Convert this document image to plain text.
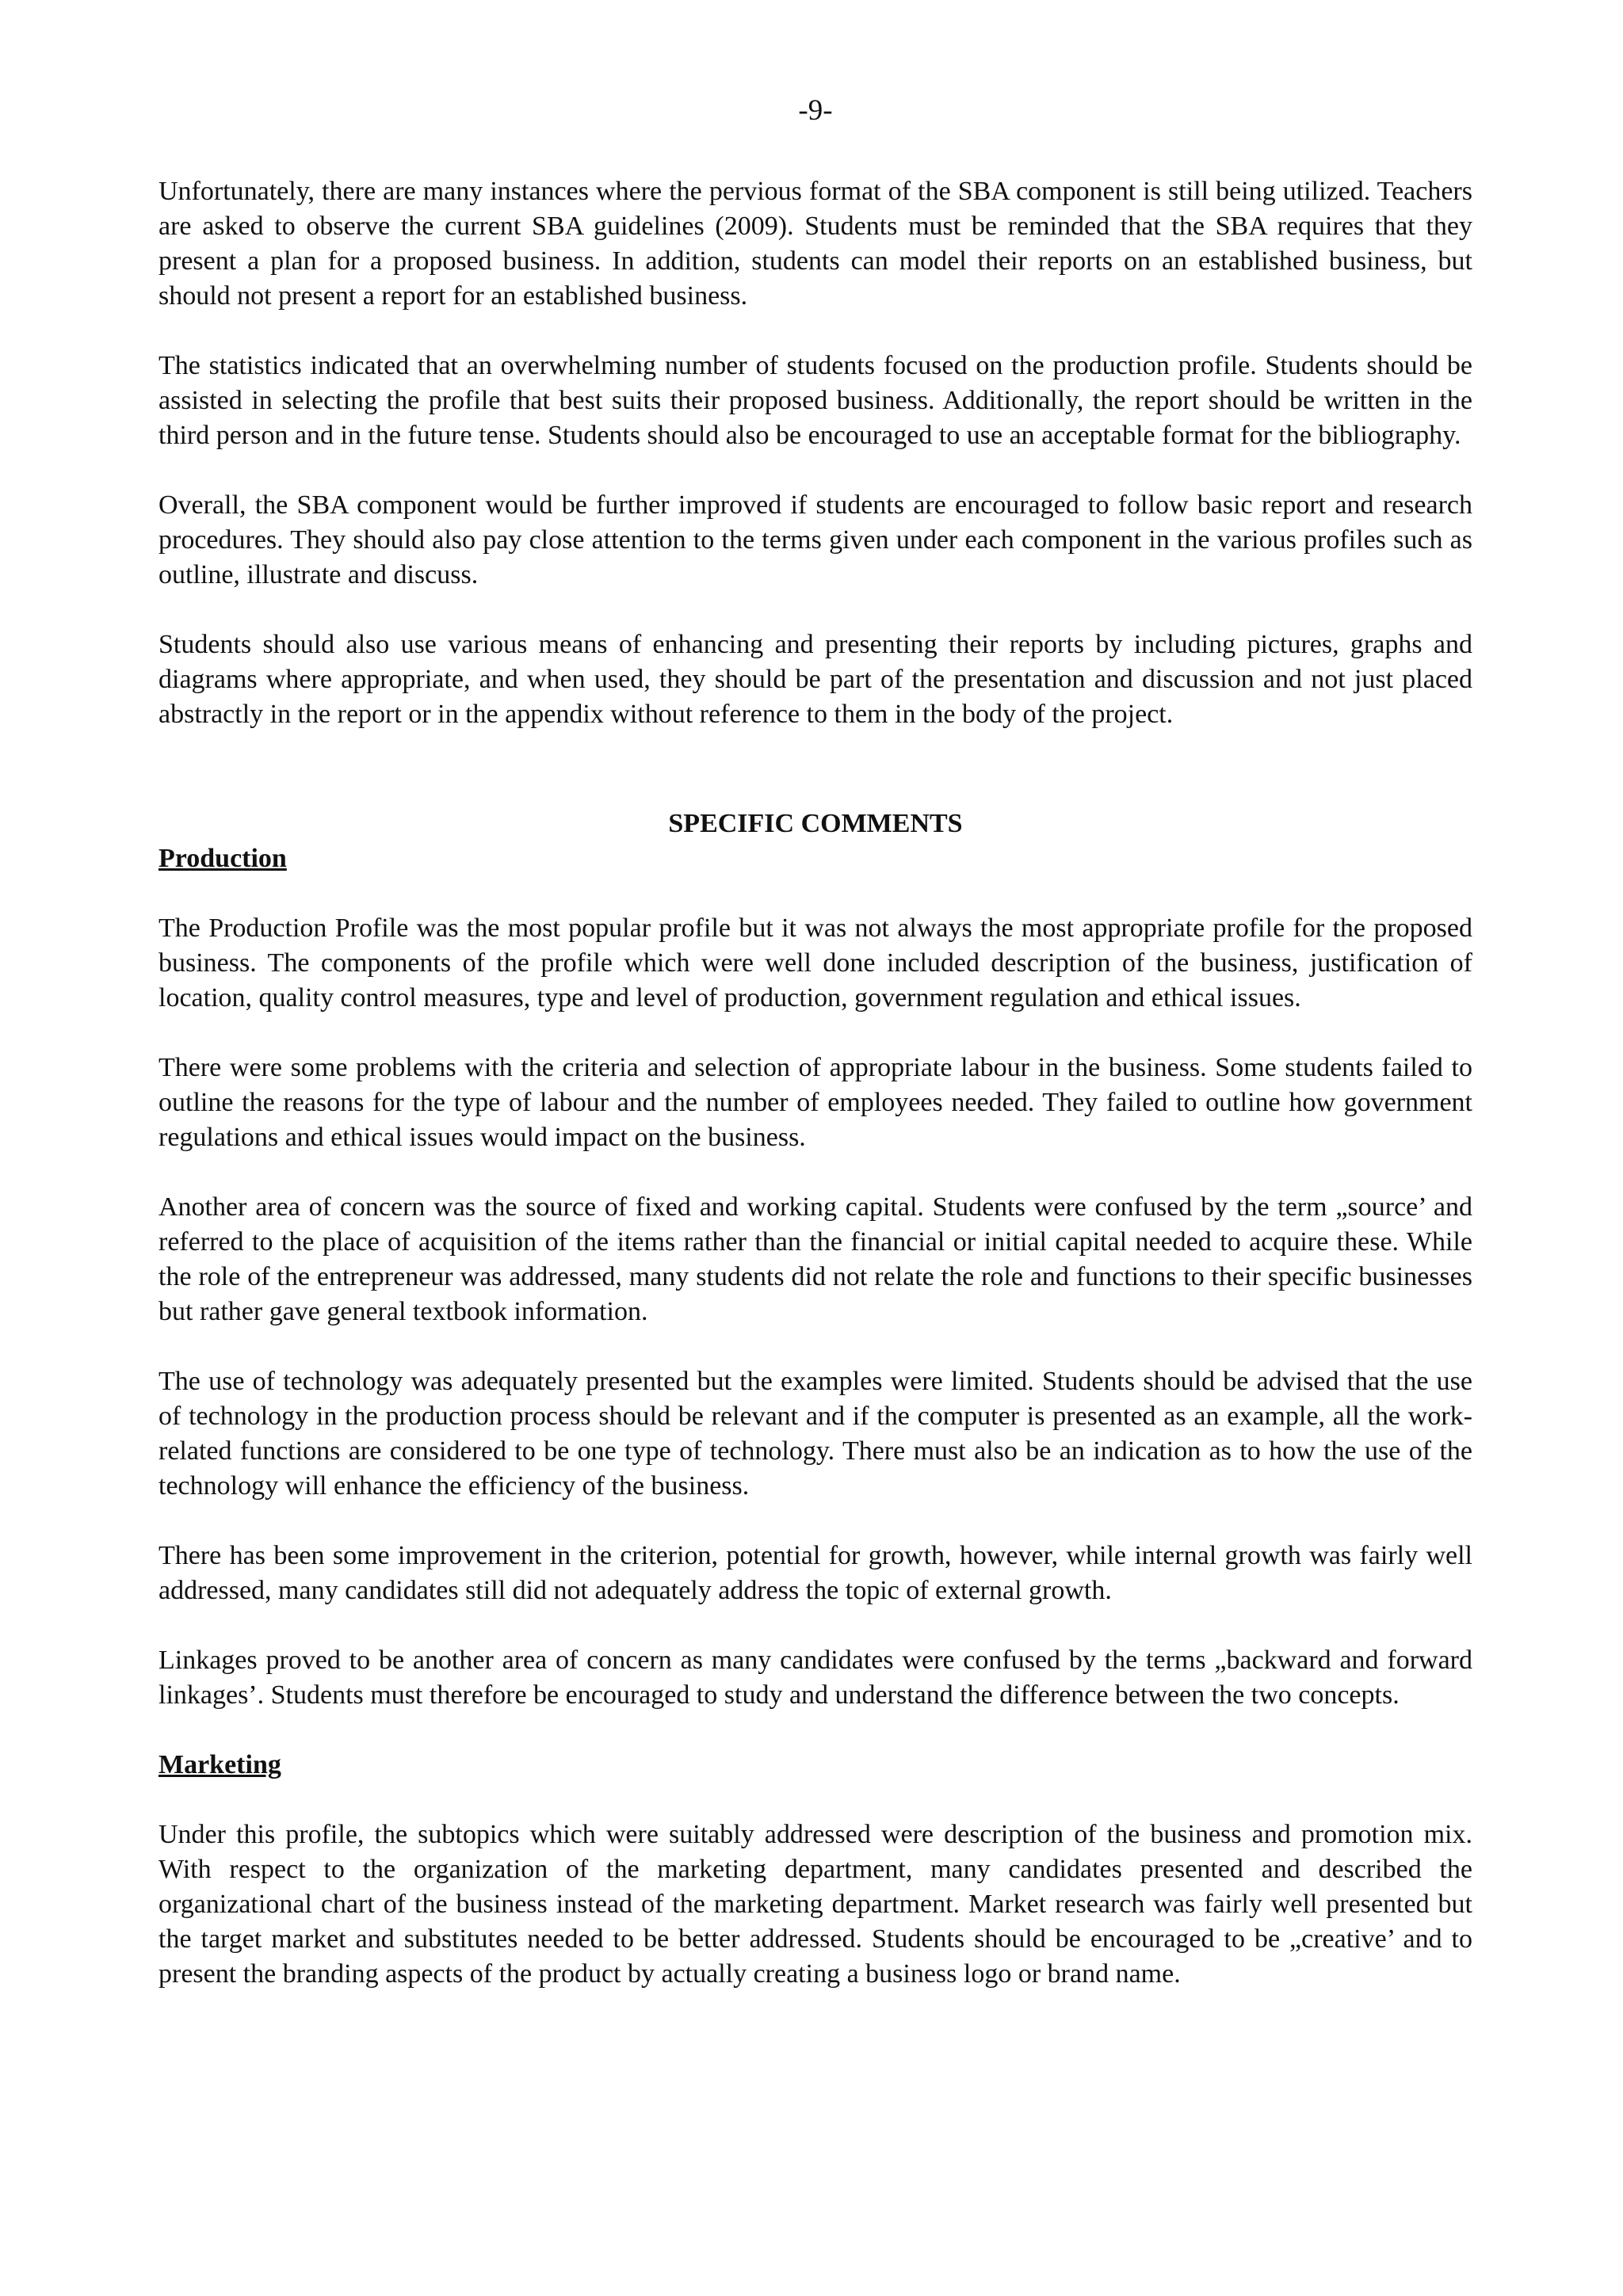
-9-

Unfortunately, there are many instances where the pervious format of the SBA component is still being utilized. Teachers are asked to observe the current SBA guidelines (2009). Students must be reminded that the SBA requires that they present a plan for a proposed business. In addition, students can model their reports on an established business, but should not present a report for an established business.

The statistics indicated that an overwhelming number of students focused on the production profile. Students should be assisted in selecting the profile that best suits their proposed business. Additionally, the report should be written in the third person and in the future tense. Students should also be encouraged to use an acceptable format for the bibliography.

Overall, the SBA component would be further improved if students are encouraged to follow basic report and research procedures. They should also pay close attention to the terms given under each component in the various profiles such as outline, illustrate and discuss.

Students should also use various means of enhancing and presenting their reports by including pictures, graphs and diagrams where appropriate, and when used, they should be part of the presentation and discussion and not just placed abstractly in the report or in the appendix without reference to them in the body of the project.

SPECIFIC COMMENTS
Production

The Production Profile was the most popular profile but it was not always the most appropriate profile for the proposed business. The components of the profile which were well done included description of the business, justification of location, quality control measures, type and level of production, government regulation and ethical issues.

There were some problems with the criteria and selection of appropriate labour in the business. Some students failed to outline the reasons for the type of labour and the number of employees needed. They failed to outline how government regulations and ethical issues would impact on the business.

Another area of concern was the source of fixed and working capital. Students were confused by the term „source’ and referred to the place of acquisition of the items rather than the financial or initial capital needed to acquire these. While the role of the entrepreneur was addressed, many students did not relate the role and functions to their specific businesses but rather gave general textbook information.

The use of technology was adequately presented but the examples were limited. Students should be advised that the use of technology in the production process should be relevant and if the computer is presented as an example, all the work-related functions are considered to be one type of technology. There must also be an indication as to how the use of the technology will enhance the efficiency of the business.

There has been some improvement in the criterion, potential for growth, however, while internal growth was fairly well addressed, many candidates still did not adequately address the topic of external growth.

Linkages proved to be another area of concern as many candidates were confused by the terms „backward and forward linkages’. Students must therefore be encouraged to study and understand the difference between the two concepts.

Marketing

Under this profile, the subtopics which were suitably addressed were description of the business and promotion mix. With respect to the organization of the marketing department, many candidates presented and described the organizational chart of the business instead of the marketing department. Market research was fairly well presented but the target market and substitutes needed to be better addressed. Students should be encouraged to be „creative’ and to present the branding aspects of the product by actually creating a business logo or brand name.
